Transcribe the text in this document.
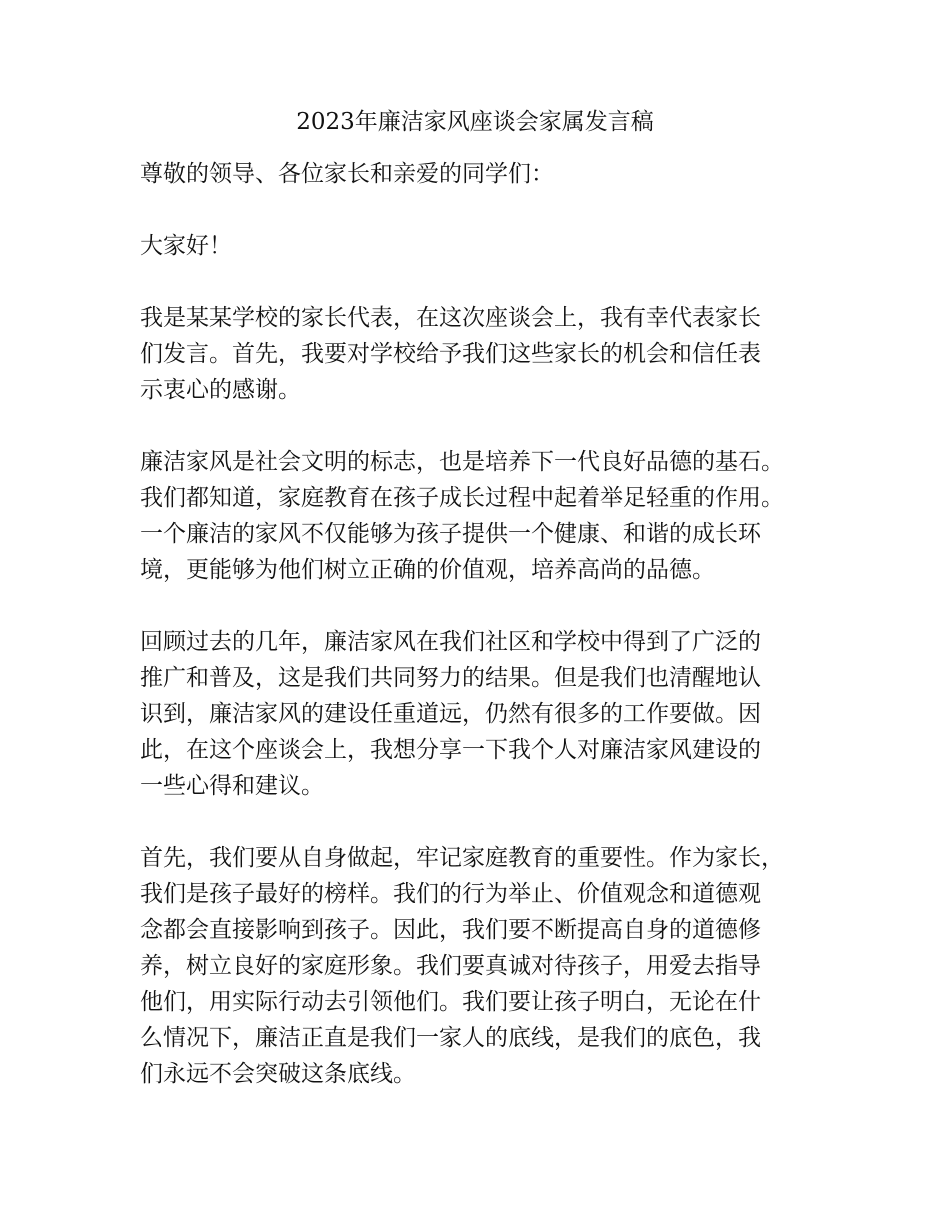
2023年廉洁家风座谈会家属发言稿
尊敬的领导、各位家长和亲爱的同学们：
大家好！
我是某某学校的家长代表，在这次座谈会上，我有幸代表家长
们发言。首先，我要对学校给予我们这些家长的机会和信任表
示衷心的感谢。
廉洁家风是社会文明的标志，也是培养下一代良好品德的基石。
我们都知道，家庭教育在孩子成长过程中起着举足轻重的作用。
一个廉洁的家风不仅能够为孩子提供一个健康、和谐的成长环
境，更能够为他们树立正确的价值观，培养高尚的品德。
回顾过去的几年，廉洁家风在我们社区和学校中得到了广泛的
推广和普及，这是我们共同努力的结果。但是我们也清醒地认
识到，廉洁家风的建设任重道远，仍然有很多的工作要做。因
此，在这个座谈会上，我想分享一下我个人对廉洁家风建设的
一些心得和建议。
首先，我们要从自身做起，牢记家庭教育的重要性。作为家长，
我们是孩子最好的榜样。我们的行为举止、价值观念和道德观
念都会直接影响到孩子。因此，我们要不断提高自身的道德修
养，树立良好的家庭形象。我们要真诚对待孩子，用爱去指导
他们，用实际行动去引领他们。我们要让孩子明白，无论在什
么情况下，廉洁正直是我们一家人的底线，是我们的底色，我
们永远不会突破这条底线。
